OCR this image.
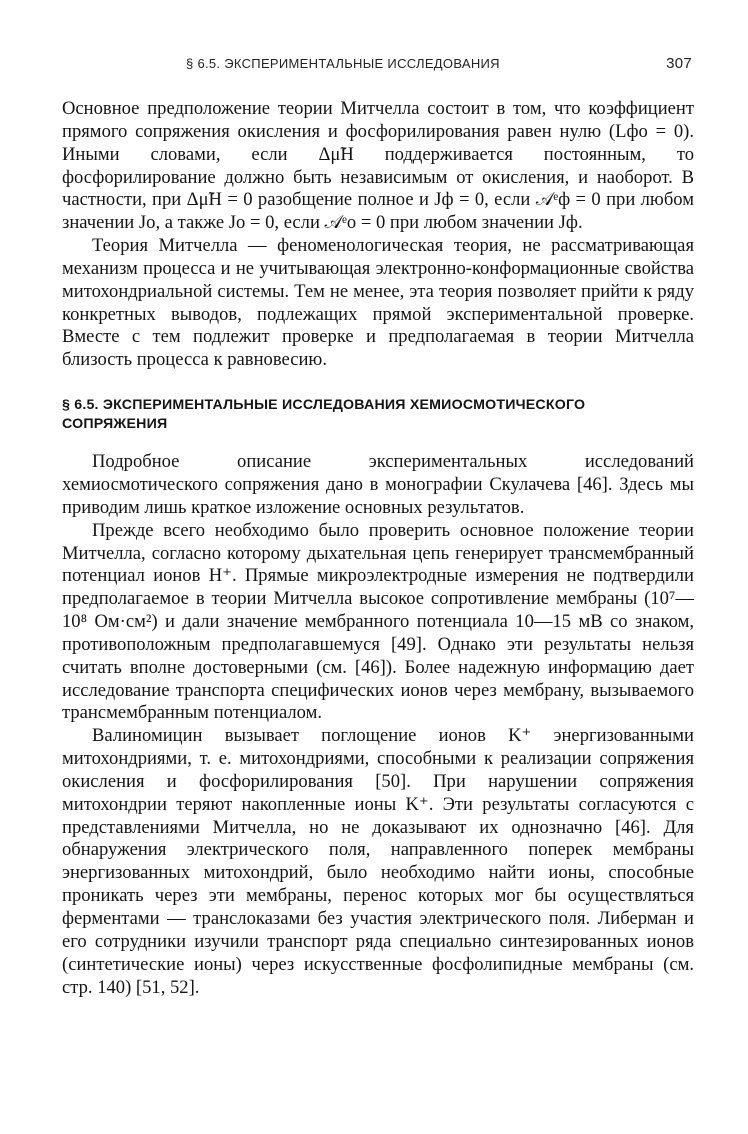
§ 6.5. ЭКСПЕРИМЕНТАЛЬНЫЕ ИССЛЕДОВАНИЯ	307

Основное предположение теории Митчелла состоит в том, что коэффициент прямого сопряжения окисления и фосфорилирования равен нулю (Lфо = 0). Иными словами, если Δμ̃H поддерживается постоянным, то фосфорилирование должно быть независимым от окисления, и наоборот. В частности, при Δμ̃H = 0 разобщение полное и Jф = 0, если 𝒜ᵉф = 0 при любом значении Jо, а также Jо = 0, если 𝒜ᵉо = 0 при любом значении Jф.

Теория Митчелла — феноменологическая теория, не рассматривающая механизм процесса и не учитывающая электронно-конформационные свойства митохондриальной системы. Тем не менее, эта теория позволяет прийти к ряду конкретных выводов, подлежащих прямой экспериментальной проверке. Вместе с тем подлежит проверке и предполагаемая в теории Митчелла близость процесса к равновесию.

§ 6.5. ЭКСПЕРИМЕНТАЛЬНЫЕ ИССЛЕДОВАНИЯ ХЕМИОСМОТИЧЕСКОГО СОПРЯЖЕНИЯ

Подробное описание экспериментальных исследований хемиосмотического сопряжения дано в монографии Скулачева [46]. Здесь мы приводим лишь краткое изложение основных результатов.

Прежде всего необходимо было проверить основное положение теории Митчелла, согласно которому дыхательная цепь генерирует трансмембранный потенциал ионов H⁺. Прямые микроэлектродные измерения не подтвердили предполагаемое в теории Митчелла высокое сопротивление мембраны (10⁷—10⁸ Ом·см²) и дали значение мембранного потенциала 10—15 мВ со знаком, противоположным предполагавшемуся [49]. Однако эти результаты нельзя считать вполне достоверными (см. [46]). Более надежную информацию дает исследование транспорта специфических ионов через мембрану, вызываемого трансмембранным потенциалом.

Валиномицин вызывает поглощение ионов K⁺ энергизованными митохондриями, т. е. митохондриями, способными к реализации сопряжения окисления и фосфорилирования [50]. При нарушении сопряжения митохондрии теряют накопленные ионы K⁺. Эти результаты согласуются с представлениями Митчелла, но не доказывают их однозначно [46]. Для обнаружения электрического поля, направленного поперек мембраны энергизованных митохондрий, было необходимо найти ионы, способные проникать через эти мембраны, перенос которых мог бы осуществляться ферментами — транслоказами без участия электрического поля. Либерман и его сотрудники изучили транспорт ряда специально синтезированных ионов (синтетические ионы) через искусственные фосфолипидные мембраны (см. стр. 140) [51, 52].
